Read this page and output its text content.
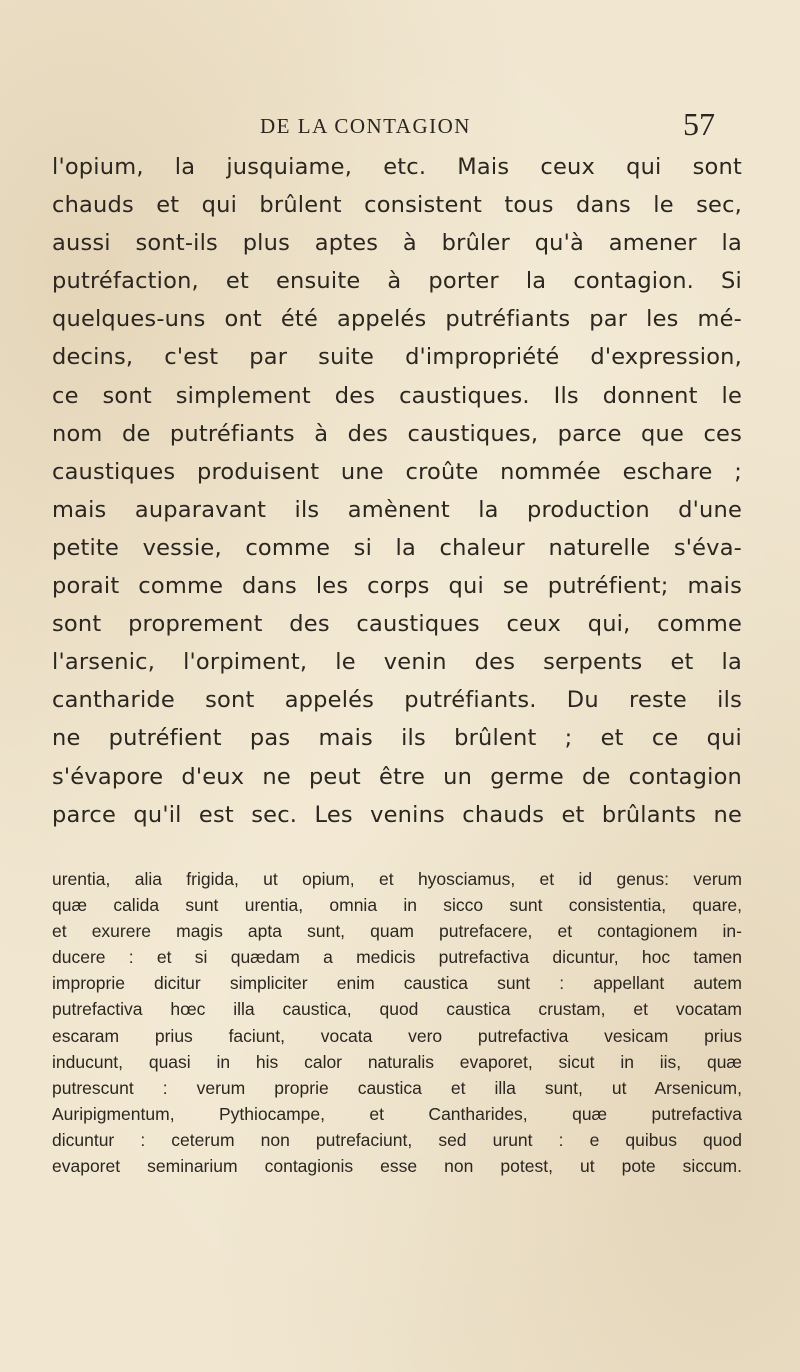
DE LA CONTAGION	57
l'opium, la jusquiame, etc. Mais ceux qui sont
chauds et qui brûlent consistent tous dans le sec,
aussi sont-ils plus aptes à brûler qu'à amener la
putréfaction, et ensuite à porter la contagion. Si
quelques-uns ont été appelés putréfiants par les mé-
decins, c'est par suite d'impropriété d'expression,
ce sont simplement des caustiques. Ils donnent le
nom de putréfiants à des caustiques, parce que ces
caustiques produisent une croûte nommée eschare ;
mais auparavant ils amènent la production d'une
petite vessie, comme si la chaleur naturelle s'éva-
porait comme dans les corps qui se putréfient; mais
sont proprement des caustiques ceux qui, comme
l'arsenic, l'orpiment, le venin des serpents et la
cantharide sont appelés putréfiants. Du reste ils
ne putréfient pas mais ils brûlent ; et ce qui
s'évapore d'eux ne peut être un germe de contagion
parce qu'il est sec. Les venins chauds et brûlants ne
urentia, alia frigida, ut opium, et hyosciamus, et id genus: verum
quæ calida sunt urentia, omnia in sicco sunt consistentia, quare,
et exurere magis apta sunt, quam putrefacere, et contagionem in-
ducere : et si quædam a medicis putrefactiva dicuntur, hoc tamen
improprie dicitur simpliciter enim caustica sunt : appellant autem
putrefactiva hœc illa caustica, quod caustica crustam, et vocatam
escaram prius faciunt, vocata vero putrefactiva vesicam prius
inducunt, quasi in his calor naturalis evaporet, sicut in iis, quæ
putrescunt : verum proprie caustica et illa sunt, ut Arsenicum,
Auripigmentum, Pythiocampe, et Cantharides, quæ putrefactiva
dicuntur : ceterum non putrefaciunt, sed urunt : e quibus quod
evaporet seminarium contagionis esse non potest, ut pote siccum.
